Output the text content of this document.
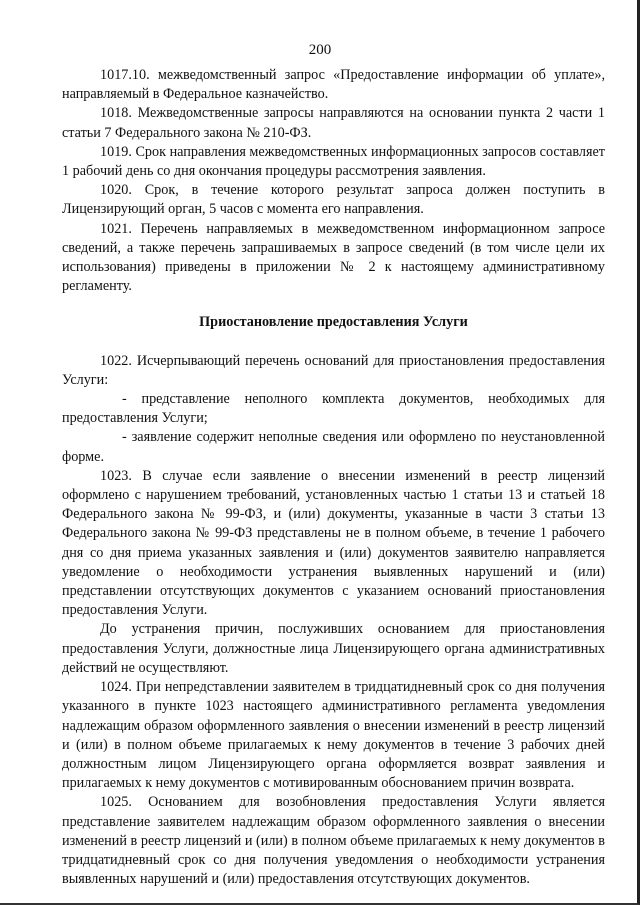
200

1017.10. межведомственный запрос «Предоставление информации об уплате», направляемый в Федеральное казначейство.

1018. Межведомственные запросы направляются на основании пункта 2 части 1 статьи 7 Федерального закона № 210-ФЗ.

1019. Срок направления межведомственных информационных запросов составляет 1 рабочий день со дня окончания процедуры рассмотрения заявления.

1020. Срок, в течение которого результат запроса должен поступить в Лицензирующий орган, 5 часов с момента его направления.

1021. Перечень направляемых в межведомственном информационном запросе сведений, а также перечень запрашиваемых в запросе сведений (в том числе цели их использования) приведены в приложении № 2 к настоящему административному регламенту.

Приостановление предоставления Услуги

1022. Исчерпывающий перечень оснований для приостановления предоставления Услуги:

- представление неполного комплекта документов, необходимых для предоставления Услуги;

- заявление содержит неполные сведения или оформлено по неустановленной форме.

1023. В случае если заявление о внесении изменений в реестр лицензий оформлено с нарушением требований, установленных частью 1 статьи 13 и статьей 18 Федерального закона № 99-ФЗ, и (или) документы, указанные в части 3 статьи 13 Федерального закона № 99-ФЗ представлены не в полном объеме, в течение 1 рабочего дня со дня приема указанных заявления и (или) документов заявителю направляется уведомление о необходимости устранения выявленных нарушений и (или) представлении отсутствующих документов с указанием оснований приостановления предоставления Услуги.

До устранения причин, послуживших основанием для приостановления предоставления Услуги, должностные лица Лицензирующего органа административных действий не осуществляют.

1024. При непредставлении заявителем в тридцатидневный срок со дня получения указанного в пункте 1023 настоящего административного регламента уведомления надлежащим образом оформленного заявления о внесении изменений в реестр лицензий и (или) в полном объеме прилагаемых к нему документов в течение 3 рабочих дней должностным лицом Лицензирующего органа оформляется возврат заявления и прилагаемых к нему документов с мотивированным обоснованием причин возврата.

1025. Основанием для возобновления предоставления Услуги является представление заявителем надлежащим образом оформленного заявления о внесении изменений в реестр лицензий и (или) в полном объеме прилагаемых к нему документов в тридцатидневный срок со дня получения уведомления о необходимости устранения выявленных нарушений и (или) предоставления отсутствующих документов.
